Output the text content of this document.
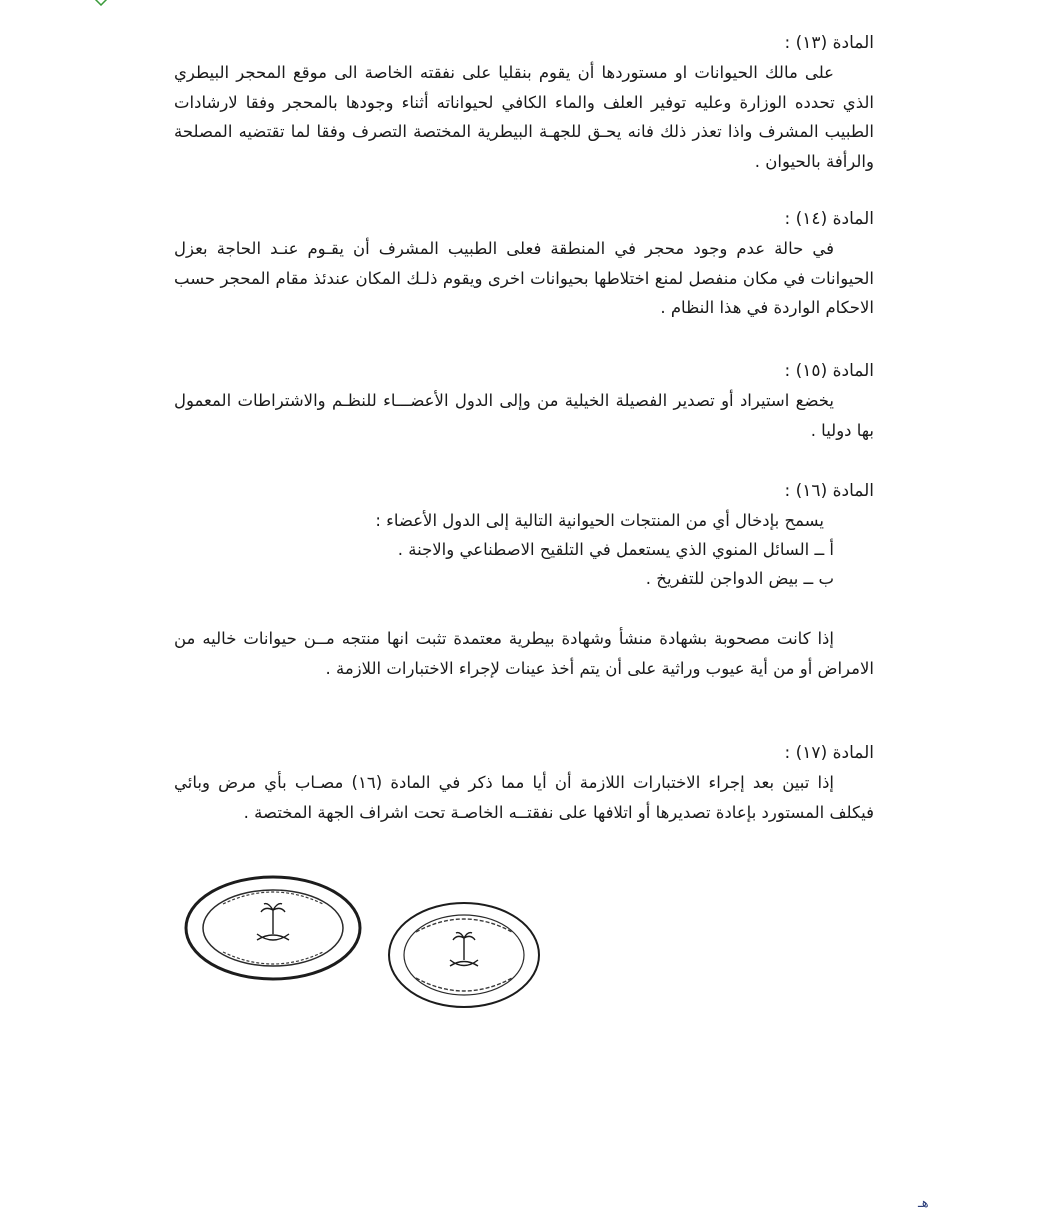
المادة (١٣) :

على مالك الحيوانات او مستوردها أن يقوم بنقليا على نفقته الخاصة الى موقع المحجر البيطري الذي تحدده الوزارة وعليه توفير العلف والماء الكافي لحيواناته أثناء وجودها بالمحجر وفقا لارشادات الطبيب المشرف واذا تعذر ذلك فانه يحـق للجهـة البيطرية المختصة التصرف وفقا لما تقتضيه المصلحة والرأفة بالحيوان .

المادة (١٤) :

في حالة عدم وجود محجر في المنطقة فعلى الطبيب المشرف أن يقـوم عنـد الحاجة بعزل الحيوانات في مكان منفصل لمنع اختلاطها بحيوانات اخرى ويقوم ذلـك المكان عندئذ مقام المحجر حسب الاحكام الواردة في هذا النظام .

المادة (١٥) :

يخضع استيراد أو تصدير الفصيلة الخيلية من وإلى الدول الأعضـــاء للنظـم والاشتراطات المعمول بها دوليا .

المادة (١٦) :

يسمح بإدخال أي من المنتجات الحيوانية التالية إلى الدول الأعضاء :

أ ــ السائل المنوي الذي يستعمل في التلقيح الاصطناعي والاجنة .

ب ــ بيض الدواجن للتفريخ .

إذا كانت مصحوبة بشهادة منشأ وشهادة بيطرية معتمدة تثبت انها منتجه مــن حيوانات خاليه من الامراض أو من أية عيوب وراثية على أن يتم أخذ عينات لإجراء الاختبارات اللازمة .

المادة (١٧) :

إذا تبين بعد إجراء الاختبارات اللازمة أن أيا مما ذكر في المادة (١٦) مصـاب بأي مرض وبائي فيكلف المستورد بإعادة تصديرها أو اتلافها على نفقتــه الخاصـة تحت اشراف الجهة المختصة .

هـ
